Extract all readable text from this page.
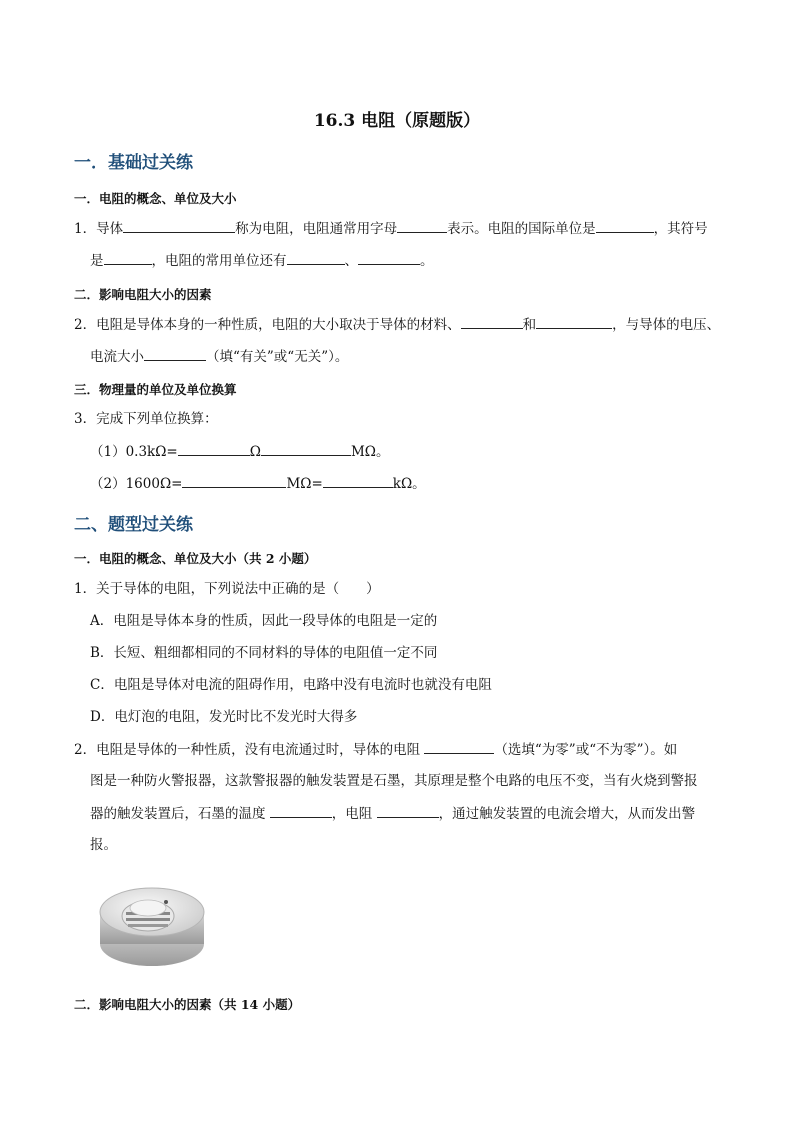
16.3 电阻（原题版）
一．基础过关练
一．电阻的概念、单位及大小
1．导体	称为电阻，电阻通常用字母	表示。电阻的国际单位是	，其符号
是	，电阻的常用单位还有	、	。
二．影响电阻大小的因素
2．电阻是导体本身的一种性质，电阻的大小取决于导体的材料、	和	，与导体的电压、
电流大小	（填“有关”或“无关”）。
三．物理量的单位及单位换算
3．完成下列单位换算：
（1）0.3kΩ=	Ω	MΩ。
（2）1600Ω=	MΩ=	kΩ。
二、题型过关练
一．电阻的概念、单位及大小（共 2 小题）
1．关于导体的电阻，下列说法中正确的是（　　）
A．电阻是导体本身的性质，因此一段导体的电阻是一定的
B．长短、粗细都相同的不同材料的导体的电阻值一定不同
C．电阻是导体对电流的阻碍作用，电路中没有电流时也就没有电阻
D．电灯泡的电阻，发光时比不发光时大得多
2．电阻是导体的一种性质，没有电流通过时，导体的电阻	（选填“为零”或“不为零”）。如
图是一种防火警报器，这款警报器的触发装置是石墨，其原理是整个电路的电压不变，当有火烧到警报
器的触发装置后，石墨的温度	，电阻	，通过触发装置的电流会增大，从而发出警
报。
二．影响电阻大小的因素（共 14 小题）
